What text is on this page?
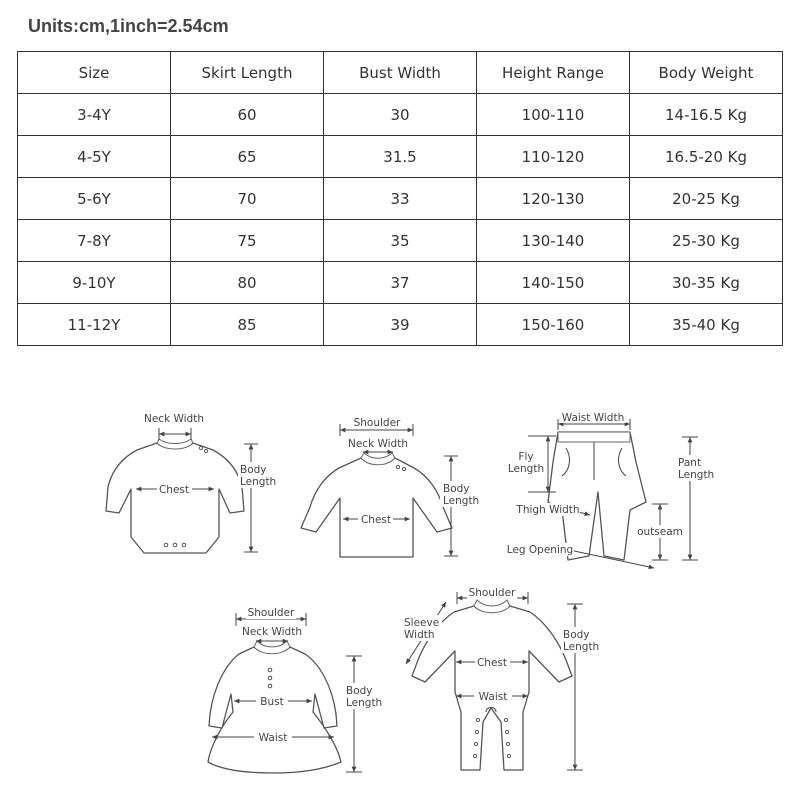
Units:cm,1inch=2.54cm
Size	Skirt Length	Bust Width	Height Range	Body Weight
3-4Y	60	30	100-110	14-16.5 Kg
4-5Y	65	31.5	110-120	16.5-20 Kg
5-6Y	70	33	120-130	20-25 Kg
7-8Y	75	35	130-140	25-30 Kg
9-10Y	80	37	140-150	30-35 Kg
11-12Y	85	39	150-160	35-40 Kg
Neck Width
Chest
Body
Length
Shoulder
Neck Width
Chest
Body
Length
Waist Width
Fly
Length	Pant
Length
Thigh Width
outseam
Leg Opening
Shoulder
Neck Width
Bust
Waist
Body
Length
Shoulder
Sleeve
Width
Chest
Waist
Body
Length
